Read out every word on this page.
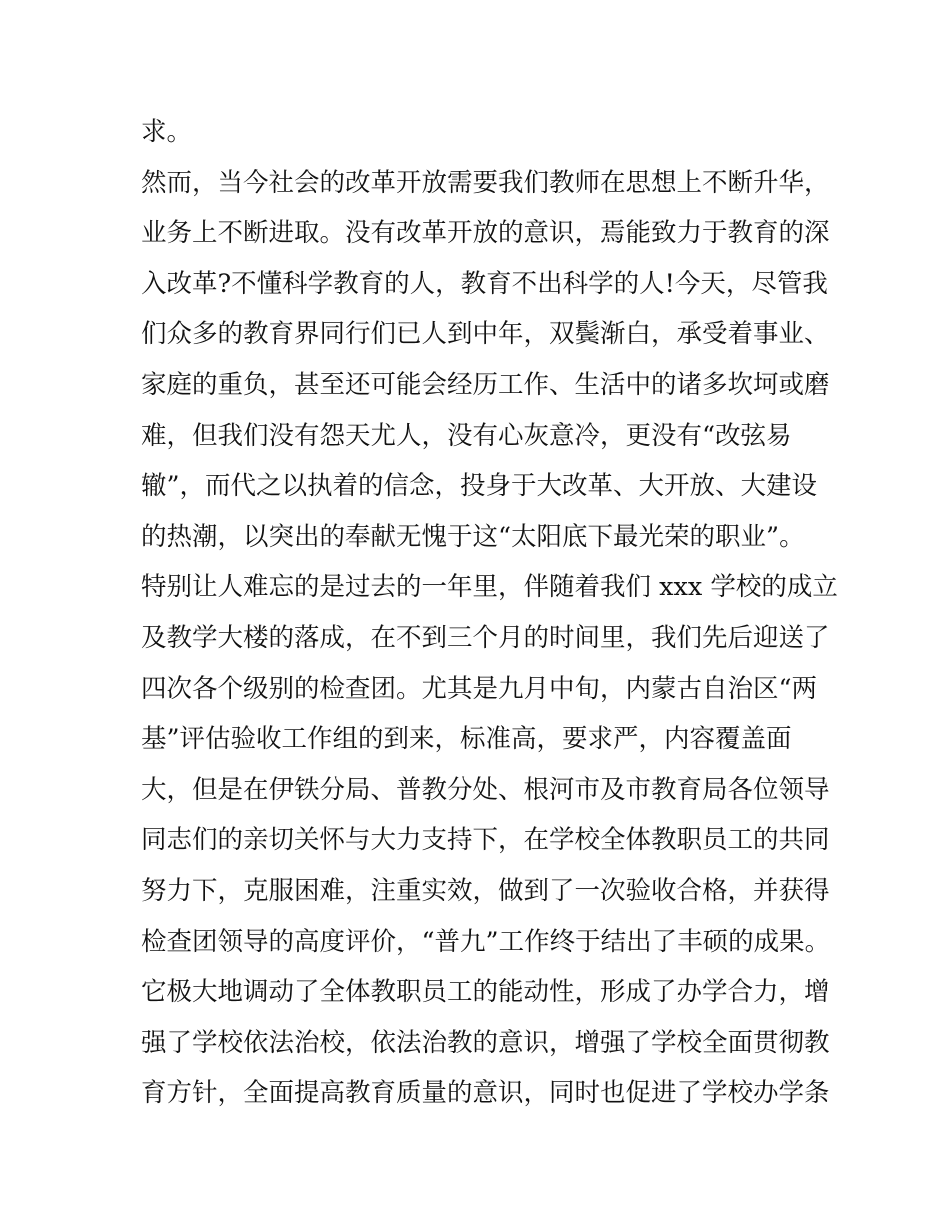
求。
然而，当今社会的改革开放需要我们教师在思想上不断升华，
业务上不断进取。没有改革开放的意识，焉能致力于教育的深
入改革?不懂科学教育的人，教育不出科学的人!今天，尽管我
们众多的教育界同行们已人到中年，双鬓渐白，承受着事业、
家庭的重负，甚至还可能会经历工作、生活中的诸多坎坷或磨
难，但我们没有怨天尤人，没有心灰意冷，更没有“改弦易
辙”，而代之以执着的信念，投身于大改革、大开放、大建设
的热潮，以突出的奉献无愧于这“太阳底下最光荣的职业”。
特别让人难忘的是过去的一年里，伴随着我们 xxx 学校的成立
及教学大楼的落成，在不到三个月的时间里，我们先后迎送了
四次各个级别的检查团。尤其是九月中旬，内蒙古自治区“两
基”评估验收工作组的到来，标准高，要求严，内容覆盖面
大，但是在伊铁分局、普教分处、根河市及市教育局各位领导
同志们的亲切关怀与大力支持下，在学校全体教职员工的共同
努力下，克服困难，注重实效，做到了一次验收合格，并获得
检查团领导的高度评价，“普九”工作终于结出了丰硕的成果。
它极大地调动了全体教职员工的能动性，形成了办学合力，增
强了学校依法治校，依法治教的意识，增强了学校全面贯彻教
育方针，全面提高教育质量的意识，同时也促进了学校办学条
